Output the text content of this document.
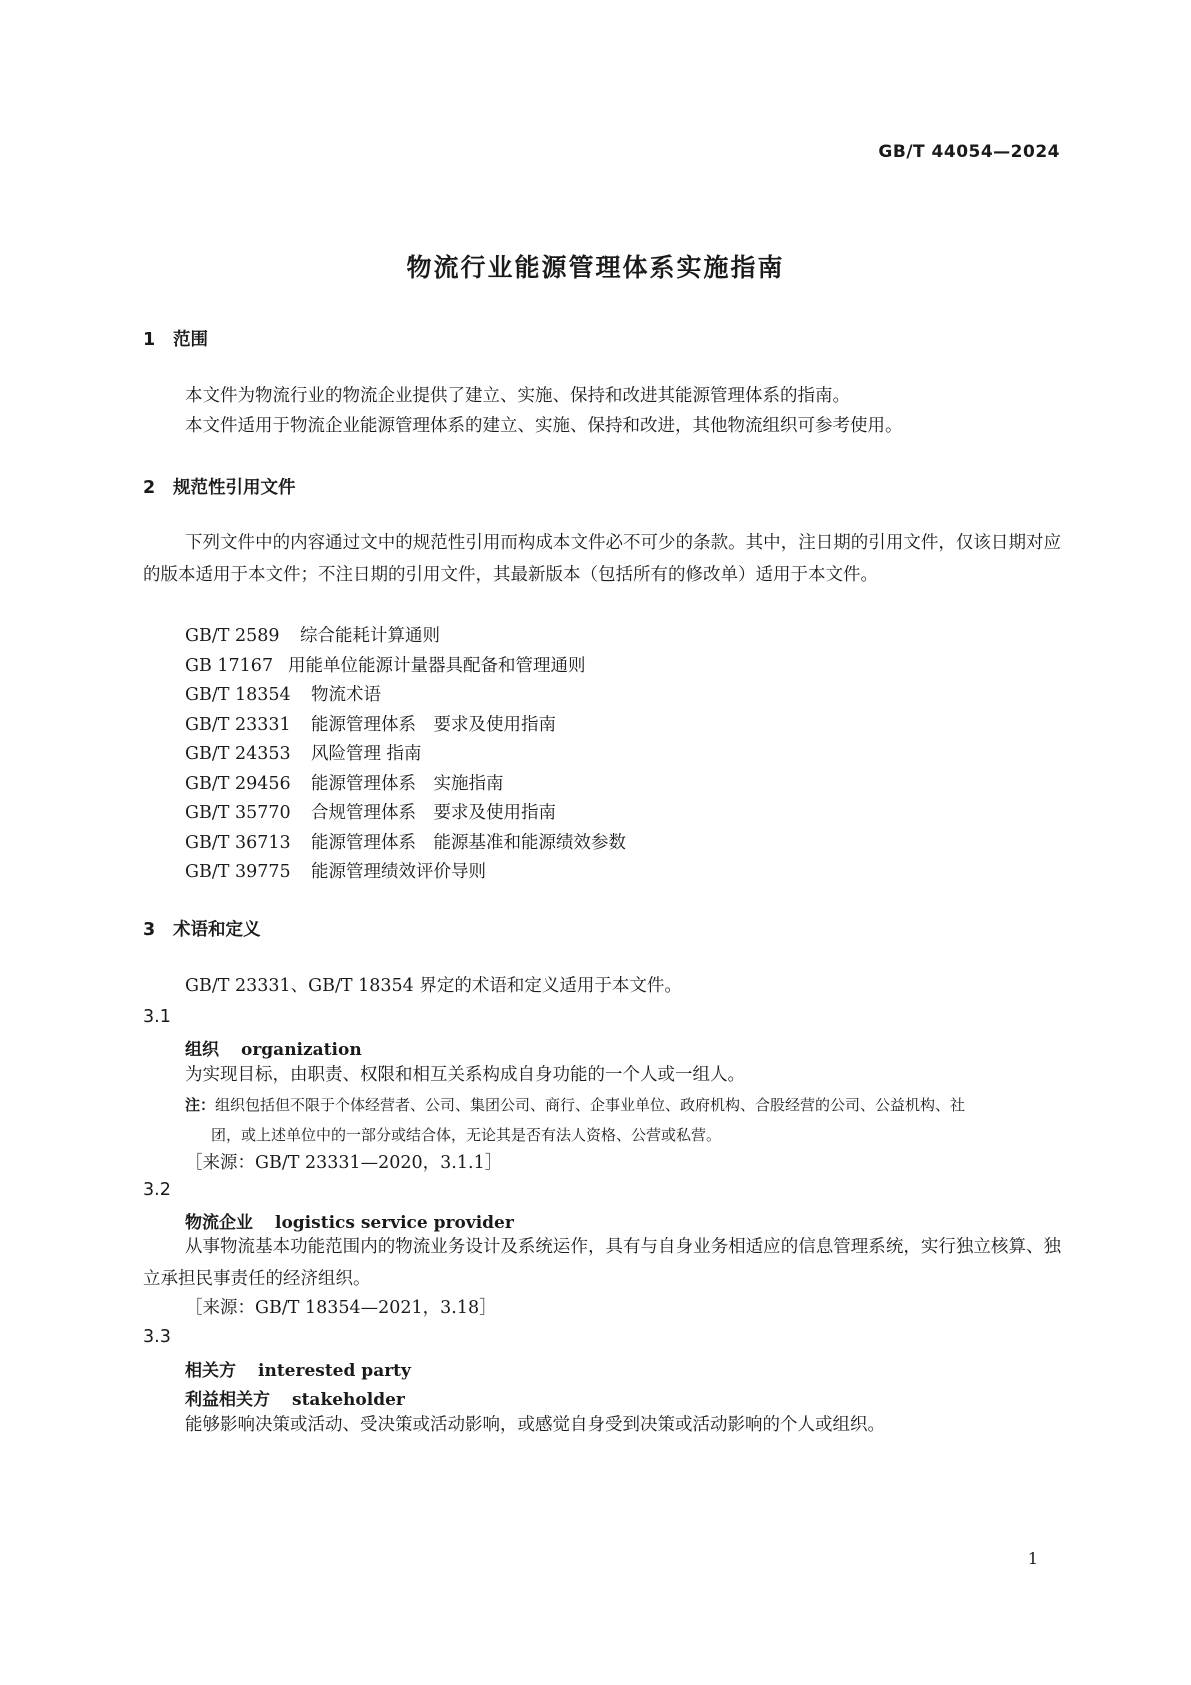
GB/T 44054—2024
物流行业能源管理体系实施指南
1 范围
本文件为物流行业的物流企业提供了建立、实施、保持和改进其能源管理体系的指南。
本文件适用于物流企业能源管理体系的建立、实施、保持和改进，其他物流组织可参考使用。
2 规范性引用文件
下列文件中的内容通过文中的规范性引用而构成本文件必不可少的条款。其中，注日期的引用文件，仅该日期对应的版本适用于本文件；不注日期的引用文件，其最新版本（包括所有的修改单）适用于本文件。
GB/T 2589 综合能耗计算通则
GB 17167 用能单位能源计量器具配备和管理通则
GB/T 18354 物流术语
GB/T 23331 能源管理体系　要求及使用指南
GB/T 24353 风险管理 指南
GB/T 29456 能源管理体系　实施指南
GB/T 35770 合规管理体系　要求及使用指南
GB/T 36713 能源管理体系　能源基准和能源绩效参数
GB/T 39775 能源管理绩效评价导则
3 术语和定义
GB/T 23331、GB/T 18354 界定的术语和定义适用于本文件。
3.1
组织 organization
为实现目标，由职责、权限和相互关系构成自身功能的一个人或一组人。
注：组织包括但不限于个体经营者、公司、集团公司、商行、企事业单位、政府机构、合股经营的公司、公益机构、社
团，或上述单位中的一部分或结合体，无论其是否有法人资格、公营或私营。
［来源：GB/T 23331—2020，3.1.1］
3.2
物流企业 logistics service provider
从事物流基本功能范围内的物流业务设计及系统运作，具有与自身业务相适应的信息管理系统，实行独立核算、独立承担民事责任的经济组织。
［来源：GB/T 18354—2021，3.18］
3.3
相关方 interested party
利益相关方 stakeholder
能够影响决策或活动、受决策或活动影响，或感觉自身受到决策或活动影响的个人或组织。
1
